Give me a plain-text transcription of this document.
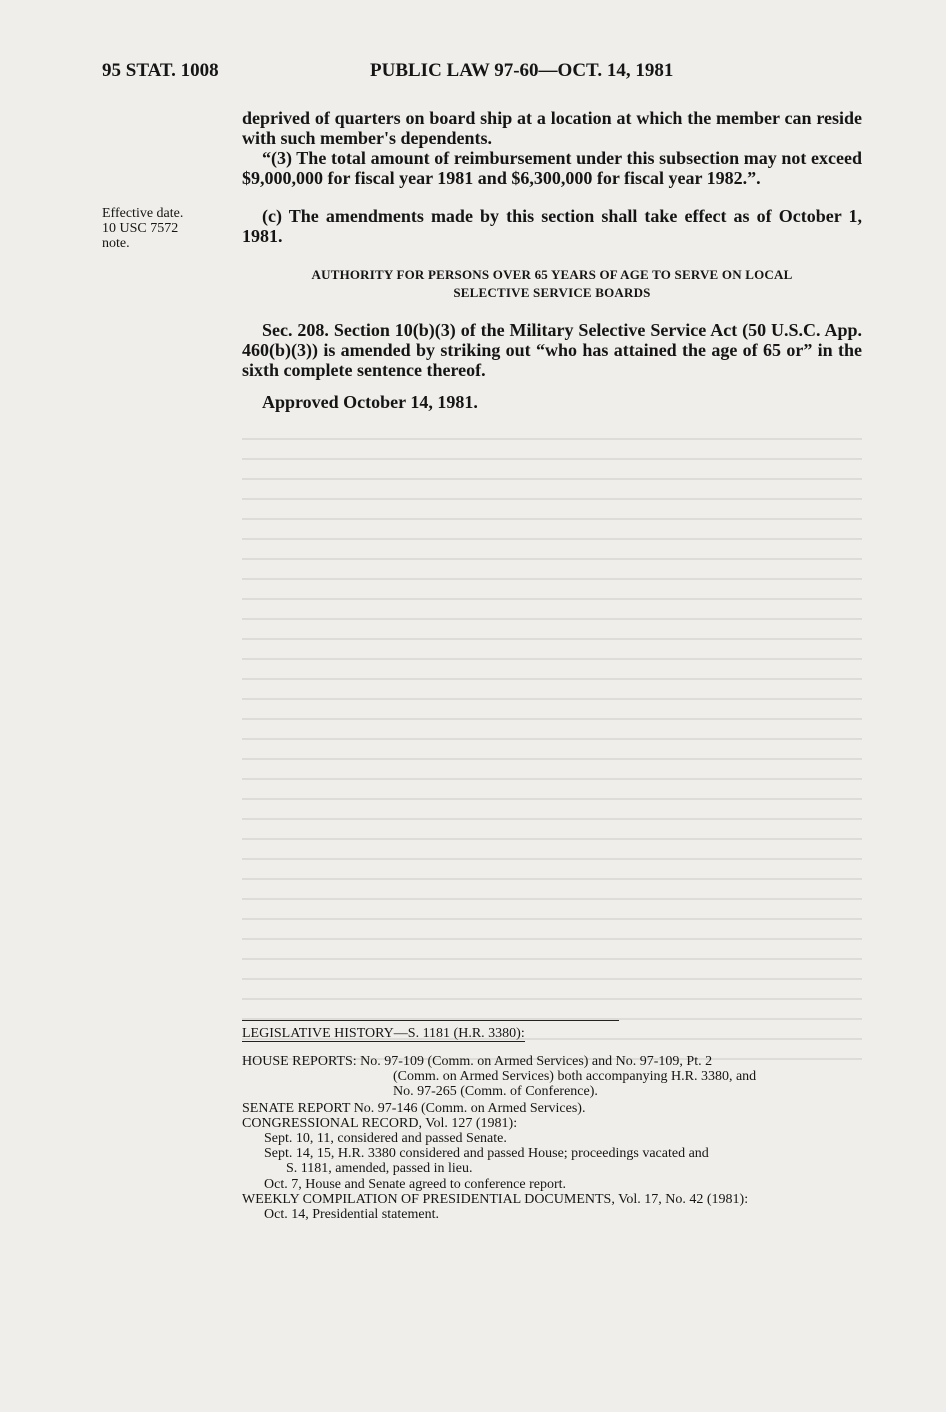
95 STAT. 1008	PUBLIC LAW 97-60—OCT. 14, 1981
deprived of quarters on board ship at a location at which the member can reside with such member's dependents.
“(3) The total amount of reimbursement under this subsection may not exceed $9,000,000 for fiscal year 1981 and $6,300,000 for fiscal year 1982.”.
Effective date.
10 USC 7572
note.
(c) The amendments made by this section shall take effect as of October 1, 1981.
AUTHORITY FOR PERSONS OVER 65 YEARS OF AGE TO SERVE ON LOCAL
SELECTIVE SERVICE BOARDS
Sec. 208. Section 10(b)(3) of the Military Selective Service Act (50 U.S.C. App. 460(b)(3)) is amended by striking out “who has attained the age of 65 or” in the sixth complete sentence thereof.
Approved October 14, 1981.
LEGISLATIVE HISTORY—S. 1181 (H.R. 3380):
HOUSE REPORTS: No. 97-109 (Comm. on Armed Services) and No. 97-109, Pt. 2
(Comm. on Armed Services) both accompanying H.R. 3380, and
No. 97-265 (Comm. of Conference).
SENATE REPORT No. 97-146 (Comm. on Armed Services).
CONGRESSIONAL RECORD, Vol. 127 (1981):
Sept. 10, 11, considered and passed Senate.
Sept. 14, 15, H.R. 3380 considered and passed House; proceedings vacated and
S. 1181, amended, passed in lieu.
Oct. 7, House and Senate agreed to conference report.
WEEKLY COMPILATION OF PRESIDENTIAL DOCUMENTS, Vol. 17, No. 42 (1981):
Oct. 14, Presidential statement.
